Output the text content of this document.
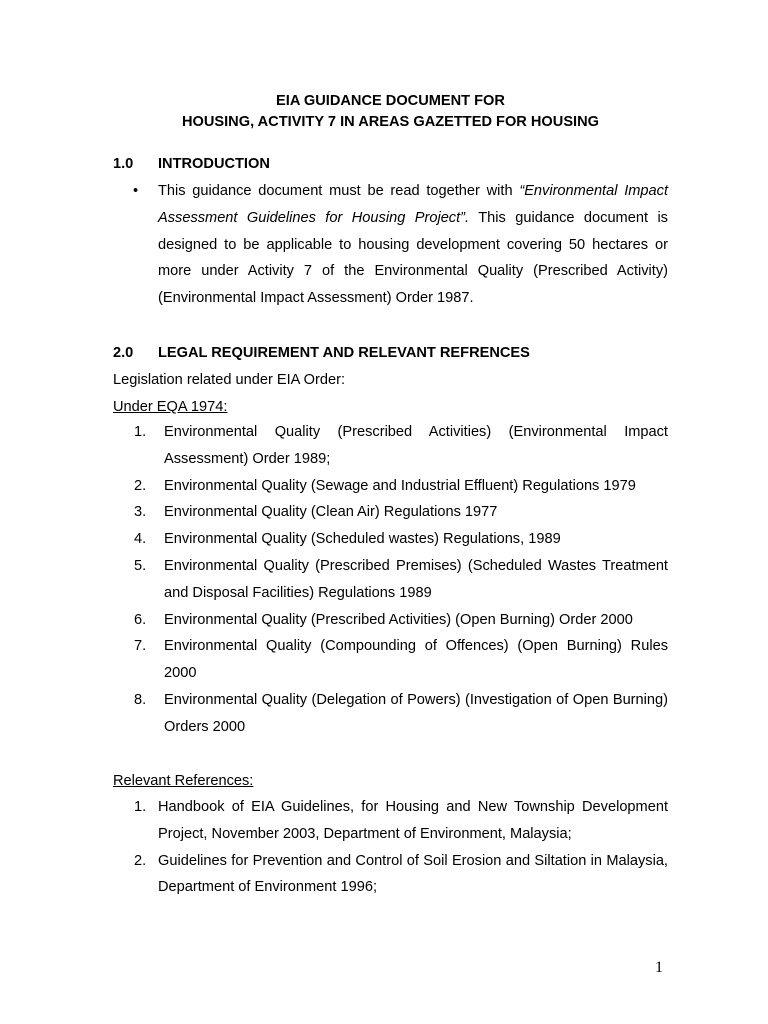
EIA GUIDANCE DOCUMENT FOR
HOUSING, ACTIVITY 7 IN AREAS GAZETTED FOR HOUSING
1.0 INTRODUCTION
• This guidance document must be read together with “Environmental Impact Assessment Guidelines for Housing Project”. This guidance document is designed to be applicable to housing development covering 50 hectares or more under Activity 7 of the Environmental Quality (Prescribed Activity)(Environmental Impact Assessment) Order 1987.
2.0 LEGAL REQUIREMENT AND RELEVANT REFRENCES
Legislation related under EIA Order:
Under EQA 1974:
1. Environmental Quality (Prescribed Activities) (Environmental Impact Assessment) Order 1989;
2. Environmental Quality (Sewage and Industrial Effluent) Regulations 1979
3. Environmental Quality (Clean Air) Regulations 1977
4. Environmental Quality (Scheduled wastes) Regulations, 1989
5. Environmental Quality (Prescribed Premises) (Scheduled Wastes Treatment and Disposal Facilities) Regulations 1989
6. Environmental Quality (Prescribed Activities) (Open Burning) Order 2000
7. Environmental Quality (Compounding of Offences) (Open Burning) Rules 2000
8. Environmental Quality (Delegation of Powers) (Investigation of Open Burning) Orders 2000
Relevant References:
1. Handbook of EIA Guidelines, for Housing and New Township Development Project, November 2003, Department of Environment, Malaysia;
2. Guidelines for Prevention and Control of Soil Erosion and Siltation in Malaysia, Department of Environment 1996;
1
